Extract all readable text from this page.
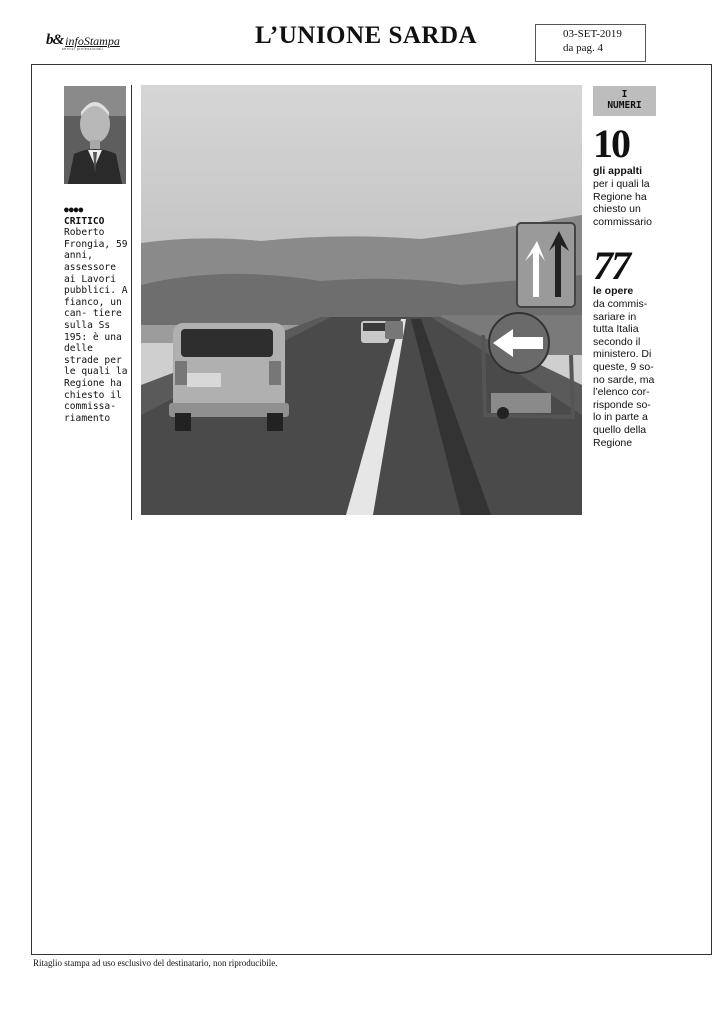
b& infoStampa
servizi professionali	L’UNIONE SARDA	03-SET-2019
da pag. 4
●●●●
CRITICO
Roberto Frongia, 59 anni, assessore ai Lavori pubblici. A fianco, un can- tiere sulla Ss 195: è una delle strade per le quali la Regione ha chiesto il commissa- riamento
I
NUMERI
10
gli appalti
per i quali la Regione ha chiesto un commissario
77
le opere
da commis- sariare in tutta Italia secondo il ministero. Di queste, 9 so- no sarde, ma l’elenco cor- risponde so- lo in parte a quello della Regione
Ritaglio stampa ad uso esclusivo del destinatario, non riproducibile.
